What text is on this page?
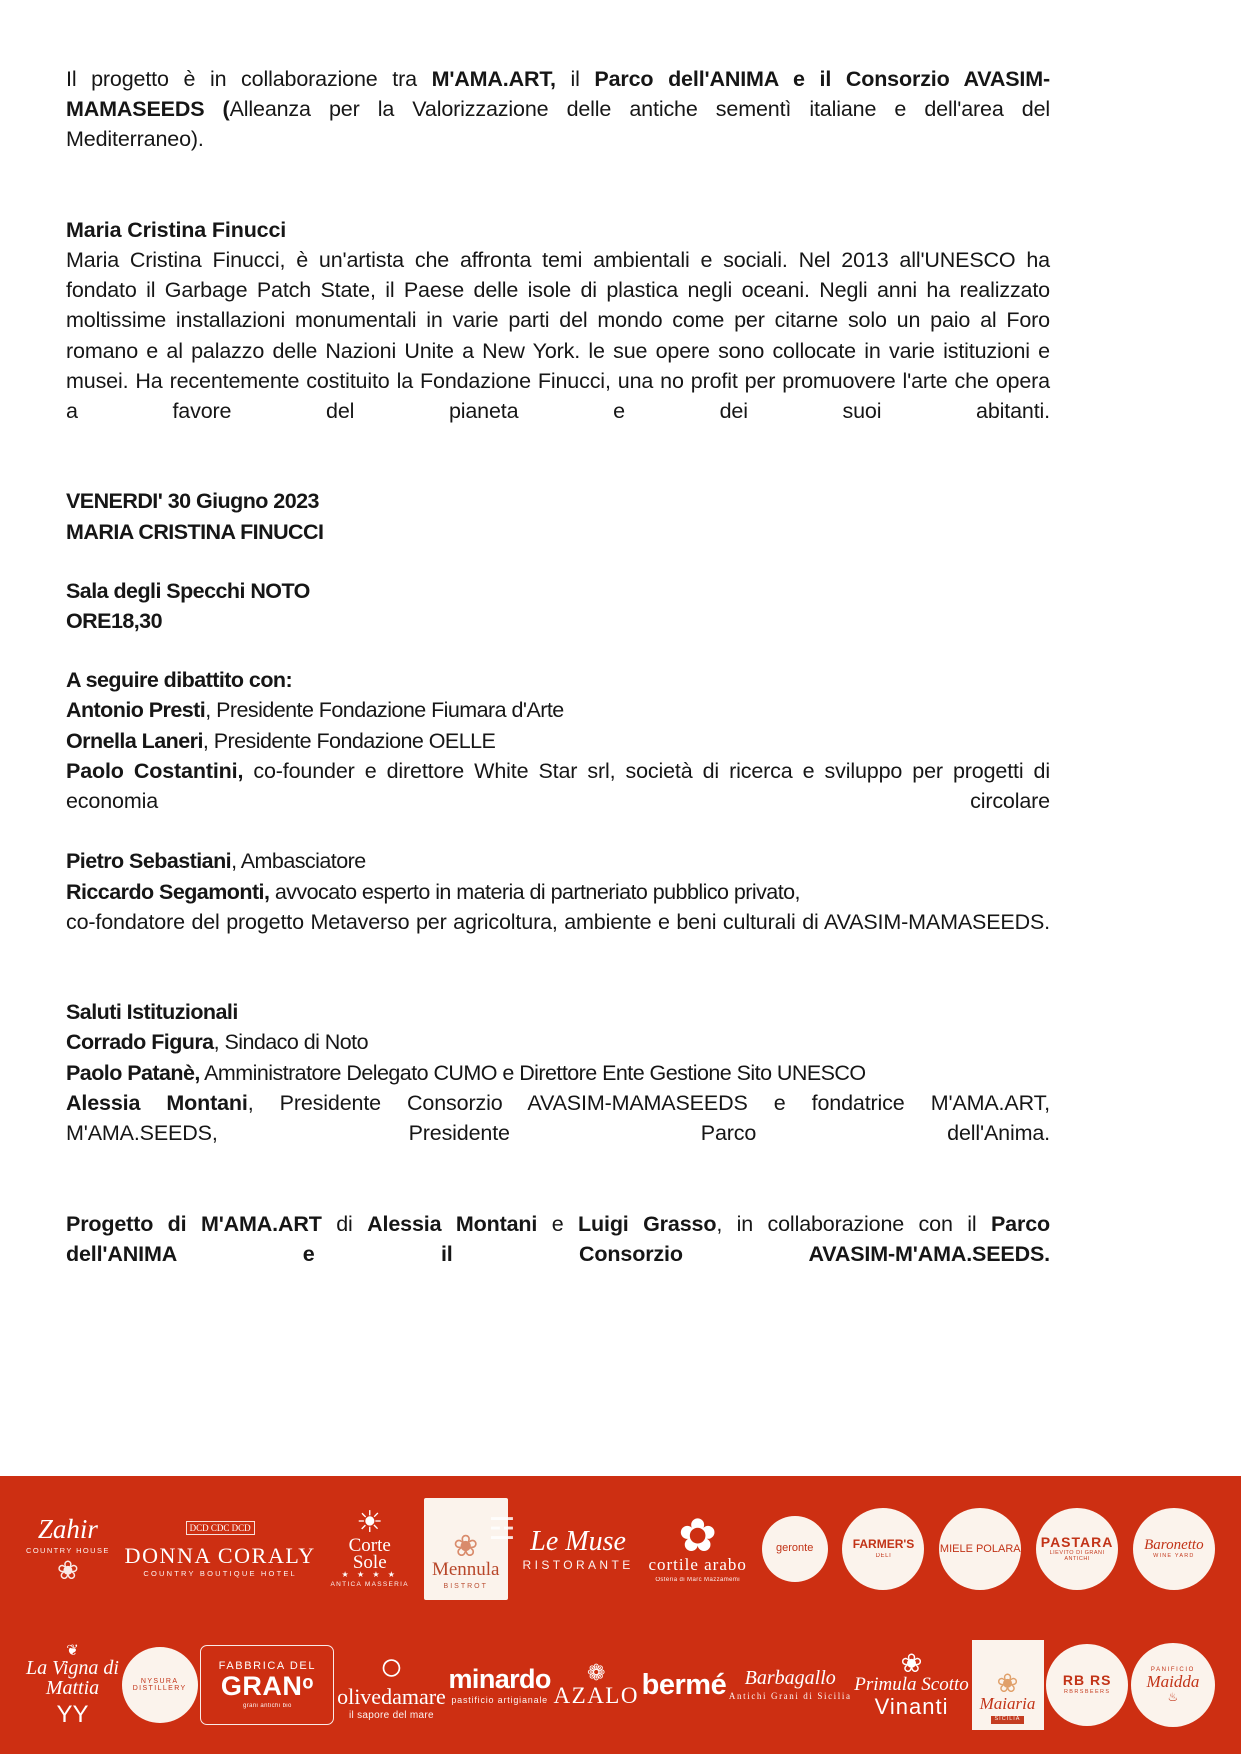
Il progetto è in collaborazione tra M'AMA.ART, il Parco dell'ANIMA e il Consorzio AVASIM-MAMASEEDS (Alleanza per la Valorizzazione delle antiche sementì italiane e dell'area del Mediterraneo).

Maria Cristina Finucci

Maria Cristina Finucci, è un'artista che affronta temi ambientali e sociali. Nel 2013 all'UNESCO ha fondato il Garbage Patch State, il Paese delle isole di plastica negli oceani. Negli anni ha realizzato moltissime installazioni monumentali in varie parti del mondo come per citarne solo un paio al Foro romano e al palazzo delle Nazioni Unite a New York. le sue opere sono collocate in varie istituzioni e musei. Ha recentemente costituito la Fondazione Finucci, una no profit per promuovere l'arte che opera a favore del pianeta e dei suoi abitanti.

VENERDI' 30 Giugno 2023

MARIA CRISTINA FINUCCI

Sala degli Specchi NOTO

ORE18,30

A seguire dibattito con:

Antonio Presti, Presidente Fondazione Fiumara d'Arte

Ornella Laneri, Presidente Fondazione OELLE

Paolo Costantini, co-founder e direttore White Star srl, società di ricerca e sviluppo per progetti di economia circolare

Pietro Sebastiani, Ambasciatore

Riccardo Segamonti, avvocato esperto in materia di partneriato pubblico privato,

co-fondatore del progetto Metaverso per agricoltura, ambiente e beni culturali di AVASIM-MAMASEEDS.

Saluti Istituzionali

Corrado Figura, Sindaco di Noto

Paolo Patanè, Amministratore Delegato CUMO e Direttore Ente Gestione Sito UNESCO

Alessia Montani, Presidente Consorzio AVASIM-MAMASEEDS e fondatrice M'AMA.ART, M'AMA.SEEDS, Presidente Parco dell'Anima.

Progetto di M'AMA.ART di Alessia Montani e Luigi Grasso, in collaborazione con il Parco dell'ANIMA e il Consorzio AVASIM-M'AMA.SEEDS.

Zahir
COUNTRY HOUSE
❀
DCD CDC DCD
DONNA CORALY
COUNTRY BOUTIQUE HOTEL
☀
Corte
Sole
★ ★ ★ ★
ANTICA MASSERIA
❀
Mennula
BISTROT
☲ Le Muse
RISTORANTE
✿
cortile arabo
Osteria di Marc Mazzamemi
geronte	FARMER'S
DELI
MIELE POLARA PASTARA
LIEVITO DI GRANI ANTICHI
Baronetto
WINE YARD
❦
La Vigna di
Mattia
ΥΥ
NYSURA DISTILLERY
FABBRICA DEL
GRANᵒ
grani antichi bio
○
olivedamare
il sapore del mare
minardo
pastificio artigianale
❁
AZALO bermé Barbagallo
Antichi Grani di Sicilia
❀
Primula Scotto
Vinanti
❀
Maiaria
SICILIA
RB RS
RBRSBEERS
PANIFICIO
Maidda
♨
